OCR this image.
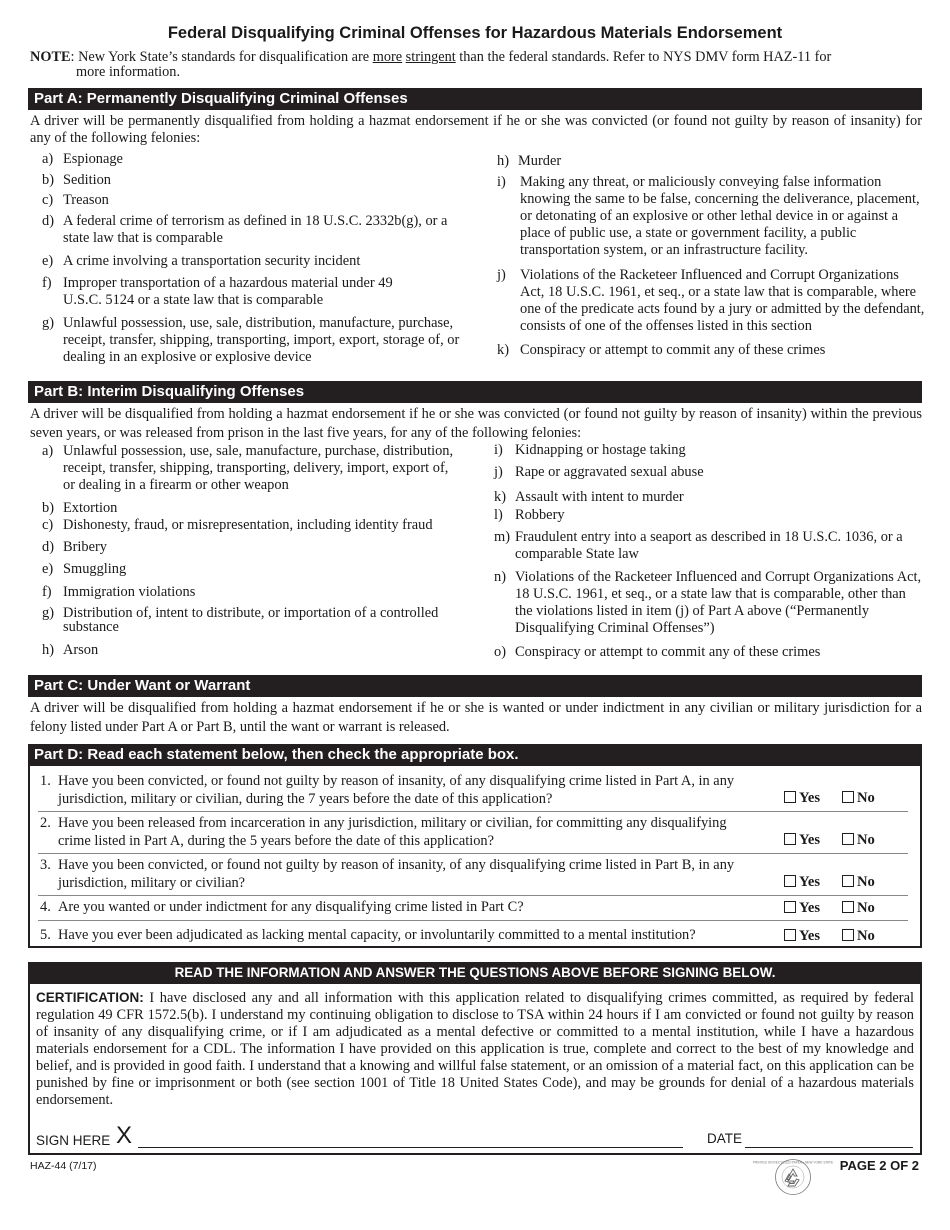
Federal Disqualifying Criminal Offenses for Hazardous Materials Endorsement
NOTE: New York State’s standards for disqualification are more stringent than the federal standards. Refer to NYS DMV form HAZ-11 for
more information.
Part A: Permanently Disqualifying Criminal Offenses
A driver will be permanently disqualified from holding a hazmat endorsement if he or she was convicted (or found not guilty by reason of insanity) for any of the following felonies:
a) Espionage
b) Sedition
c) Treason
d) A federal crime of terrorism as defined in 18 U.S.C. 2332b(g), or a state law that is comparable
e) A crime involving a transportation security incident
f) Improper transportation of a hazardous material under 49 U.S.C. 5124 or a state law that is comparable
g) Unlawful possession, use, sale, distribution, manufacture, purchase, receipt, transfer, shipping, transporting, import, export, storage of, or dealing in an explosive or explosive device
h) Murder
i) Making any threat, or maliciously conveying false information knowing the same to be false, concerning the deliverance, placement, or detonating of an explosive or other lethal device in or against a place of public use, a state or government facility, a public transportation system, or an infrastructure facility.
j) Violations of the Racketeer Influenced and Corrupt Organizations Act, 18 U.S.C. 1961, et seq., or a state law that is comparable, where one of the predicate acts found by a jury or admitted by the defendant, consists of one of the offenses listed in this section
k) Conspiracy or attempt to commit any of these crimes
Part B: Interim Disqualifying Offenses
A driver will be disqualified from holding a hazmat endorsement if he or she was convicted (or found not guilty by reason of insanity) within the previous seven years, or was released from prison in the last five years, for any of the following felonies:
a) Unlawful possession, use, sale, manufacture, purchase, distribution, receipt, transfer, shipping, transporting, delivery, import, export of, or dealing in a firearm or other weapon
b) Extortion
c) Dishonesty, fraud, or misrepresentation, including identity fraud
d) Bribery
e) Smuggling
f) Immigration violations
g) Distribution of, intent to distribute, or importation of a controlled substance
h) Arson
i) Kidnapping or hostage taking
j) Rape or aggravated sexual abuse
k) Assault with intent to murder
l) Robbery
m) Fraudulent entry into a seaport as described in 18 U.S.C. 1036, or a comparable State law
n) Violations of the Racketeer Influenced and Corrupt Organizations Act, 18 U.S.C. 1961, et seq., or a state law that is comparable, other than the violations listed in item (j) of Part A above (“Permanently Disqualifying Criminal Offenses”)
o) Conspiracy or attempt to commit any of these crimes
Part C: Under Want or Warrant
A driver will be disqualified from holding a hazmat endorsement if he or she is wanted or under indictment in any civilian or military jurisdiction for a felony listed under Part A or Part B, until the want or warrant is released.
Part D: Read each statement below, then check the appropriate box.
1. Have you been convicted, or found not guilty by reason of insanity, of any disqualifying crime listed in Part A, in any jurisdiction, military or civilian, during the 7 years before the date of this application?	Yes	No
2. Have you been released from incarceration in any jurisdiction, military or civilian, for committing any disqualifying crime listed in Part A, during the 5 years before the date of this application?	Yes	No
3. Have you been convicted, or found not guilty by reason of insanity, of any disqualifying crime listed in Part B, in any jurisdiction, military or civilian?	Yes	No
4. Are you wanted or under indictment for any disqualifying crime listed in Part C?	Yes	No
5. Have you ever been adjudicated as lacking mental capacity, or involuntarily committed to a mental institution?	Yes	No
READ THE INFORMATION AND ANSWER THE QUESTIONS ABOVE BEFORE SIGNING BELOW.
CERTIFICATION: I have disclosed any and all information with this application related to disqualifying crimes committed, as required by federal regulation 49 CFR 1572.5(b). I understand my continuing obligation to disclose to TSA within 24 hours if I am convicted or found not guilty by reason of insanity of any disqualifying crime, or if I am adjudicated as a mental defective or committed to a mental institution, while I have a hazardous materials endorsement for a CDL. The information I have provided on this application is true, complete and correct to the best of my knowledge and belief, and is provided in good faith. I understand that a knowing and willful false statement, or an omission of a material fact, on this application can be punished by fine or imprisonment or both (see section 1001 of Title 18 United States Code), and may be grounds for denial of a hazardous materials endorsement.
SIGN HERE X	DATE
HAZ-44 (7/17)	PRINTED ON RECYCLED PAPER • NEW YORK STATE PAGE 2 OF 2
